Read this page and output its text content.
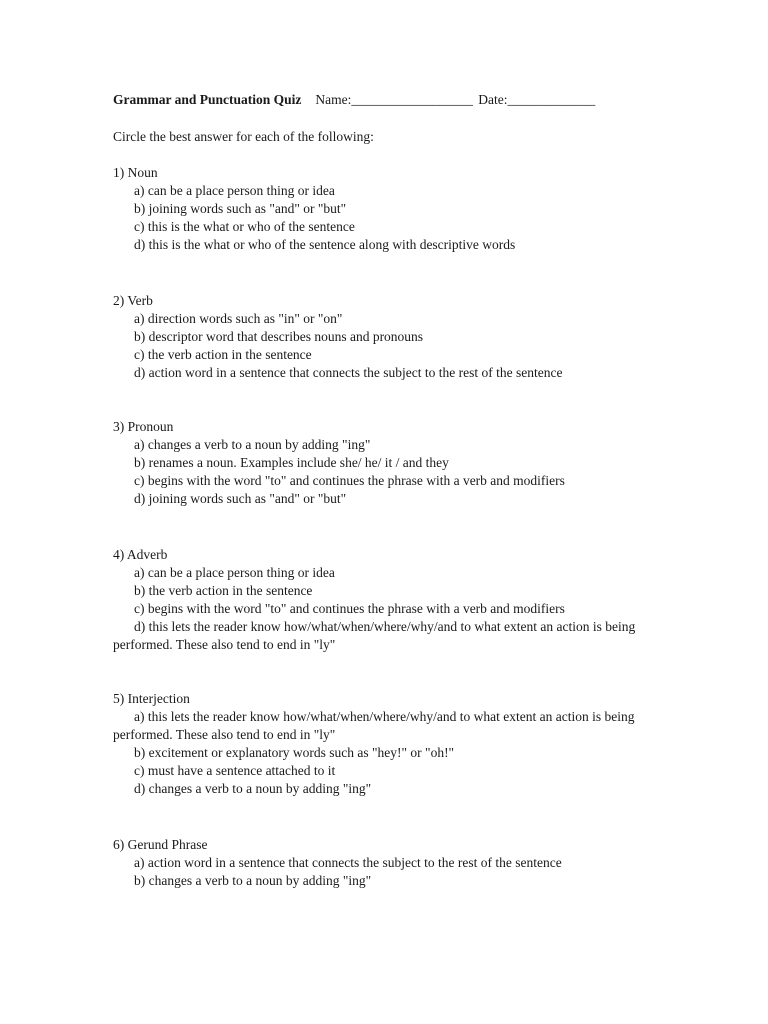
Grammar and Punctuation Quiz Name:__________________ Date:_____________
Circle the best answer for each of the following:
1) Noun
a) can be a place person thing or idea
b) joining words such as "and" or "but"
c) this is the what or who of the sentence
d) this is the what or who of the sentence along with descriptive words
2) Verb
a) direction words such as "in" or "on"
b) descriptor word that describes nouns and pronouns
c) the verb action in the sentence
d) action word in a sentence that connects the subject to the rest of the sentence
3) Pronoun
a) changes a verb to a noun by adding "ing"
b) renames a noun. Examples include she/ he/ it / and they
c) begins with the word "to" and continues the phrase with a verb and modifiers
d) joining words such as "and" or "but"
4) Adverb
a) can be a place person thing or idea
b) the verb action in the sentence
c) begins with the word "to" and continues the phrase with a verb and modifiers
d) this lets the reader know how/what/when/where/why/and to what extent an action is being performed. These also tend to end in "ly"
5) Interjection
a) this lets the reader know how/what/when/where/why/and to what extent an action is being performed. These also tend to end in "ly"
b) excitement or explanatory words such as "hey!" or "oh!"
c) must have a sentence attached to it
d) changes a verb to a noun by adding "ing"
6) Gerund Phrase
a) action word in a sentence that connects the subject to the rest of the sentence
b) changes a verb to a noun by adding "ing"
